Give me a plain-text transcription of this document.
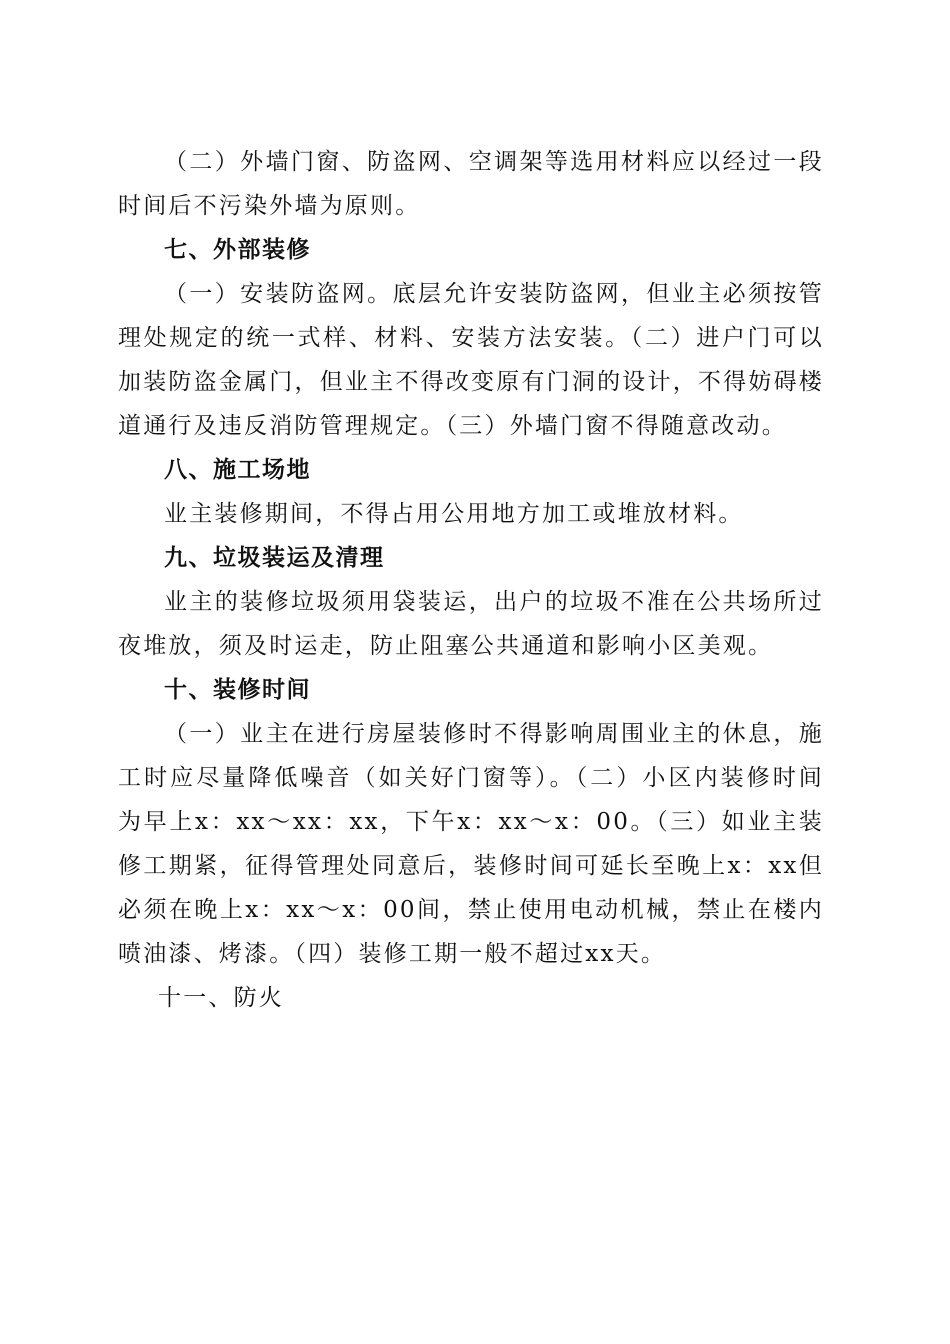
（二）外墙门窗、防盗网、空调架等选用材料应以经过一段时间后不污染外墙为原则。

七、外部装修

（一）安装防盗网。底层允许安装防盗网，但业主必须按管理处规定的统一式样、材料、安装方法安装。（二）进户门可以加装防盗金属门，但业主不得改变原有门洞的设计，不得妨碍楼道通行及违反消防管理规定。（三）外墙门窗不得随意改动。

八、施工场地

业主装修期间，不得占用公用地方加工或堆放材料。

九、垃圾装运及清理

业主的装修垃圾须用袋装运，出户的垃圾不准在公共场所过夜堆放，须及时运走，防止阻塞公共通道和影响小区美观。

十、装修时间

（一）业主在进行房屋装修时不得影响周围业主的休息，施工时应尽量降低噪音（如关好门窗等）。（二）小区内装修时间为早上x：xx～xx：xx，下午x：xx～x：00。（三）如业主装修工期紧，征得管理处同意后，装修时间可延长至晚上x：xx但必须在晚上x：xx～x：00间，禁止使用电动机械，禁止在楼内喷油漆、烤漆。（四）装修工期一般不超过xx天。

十一、防火
